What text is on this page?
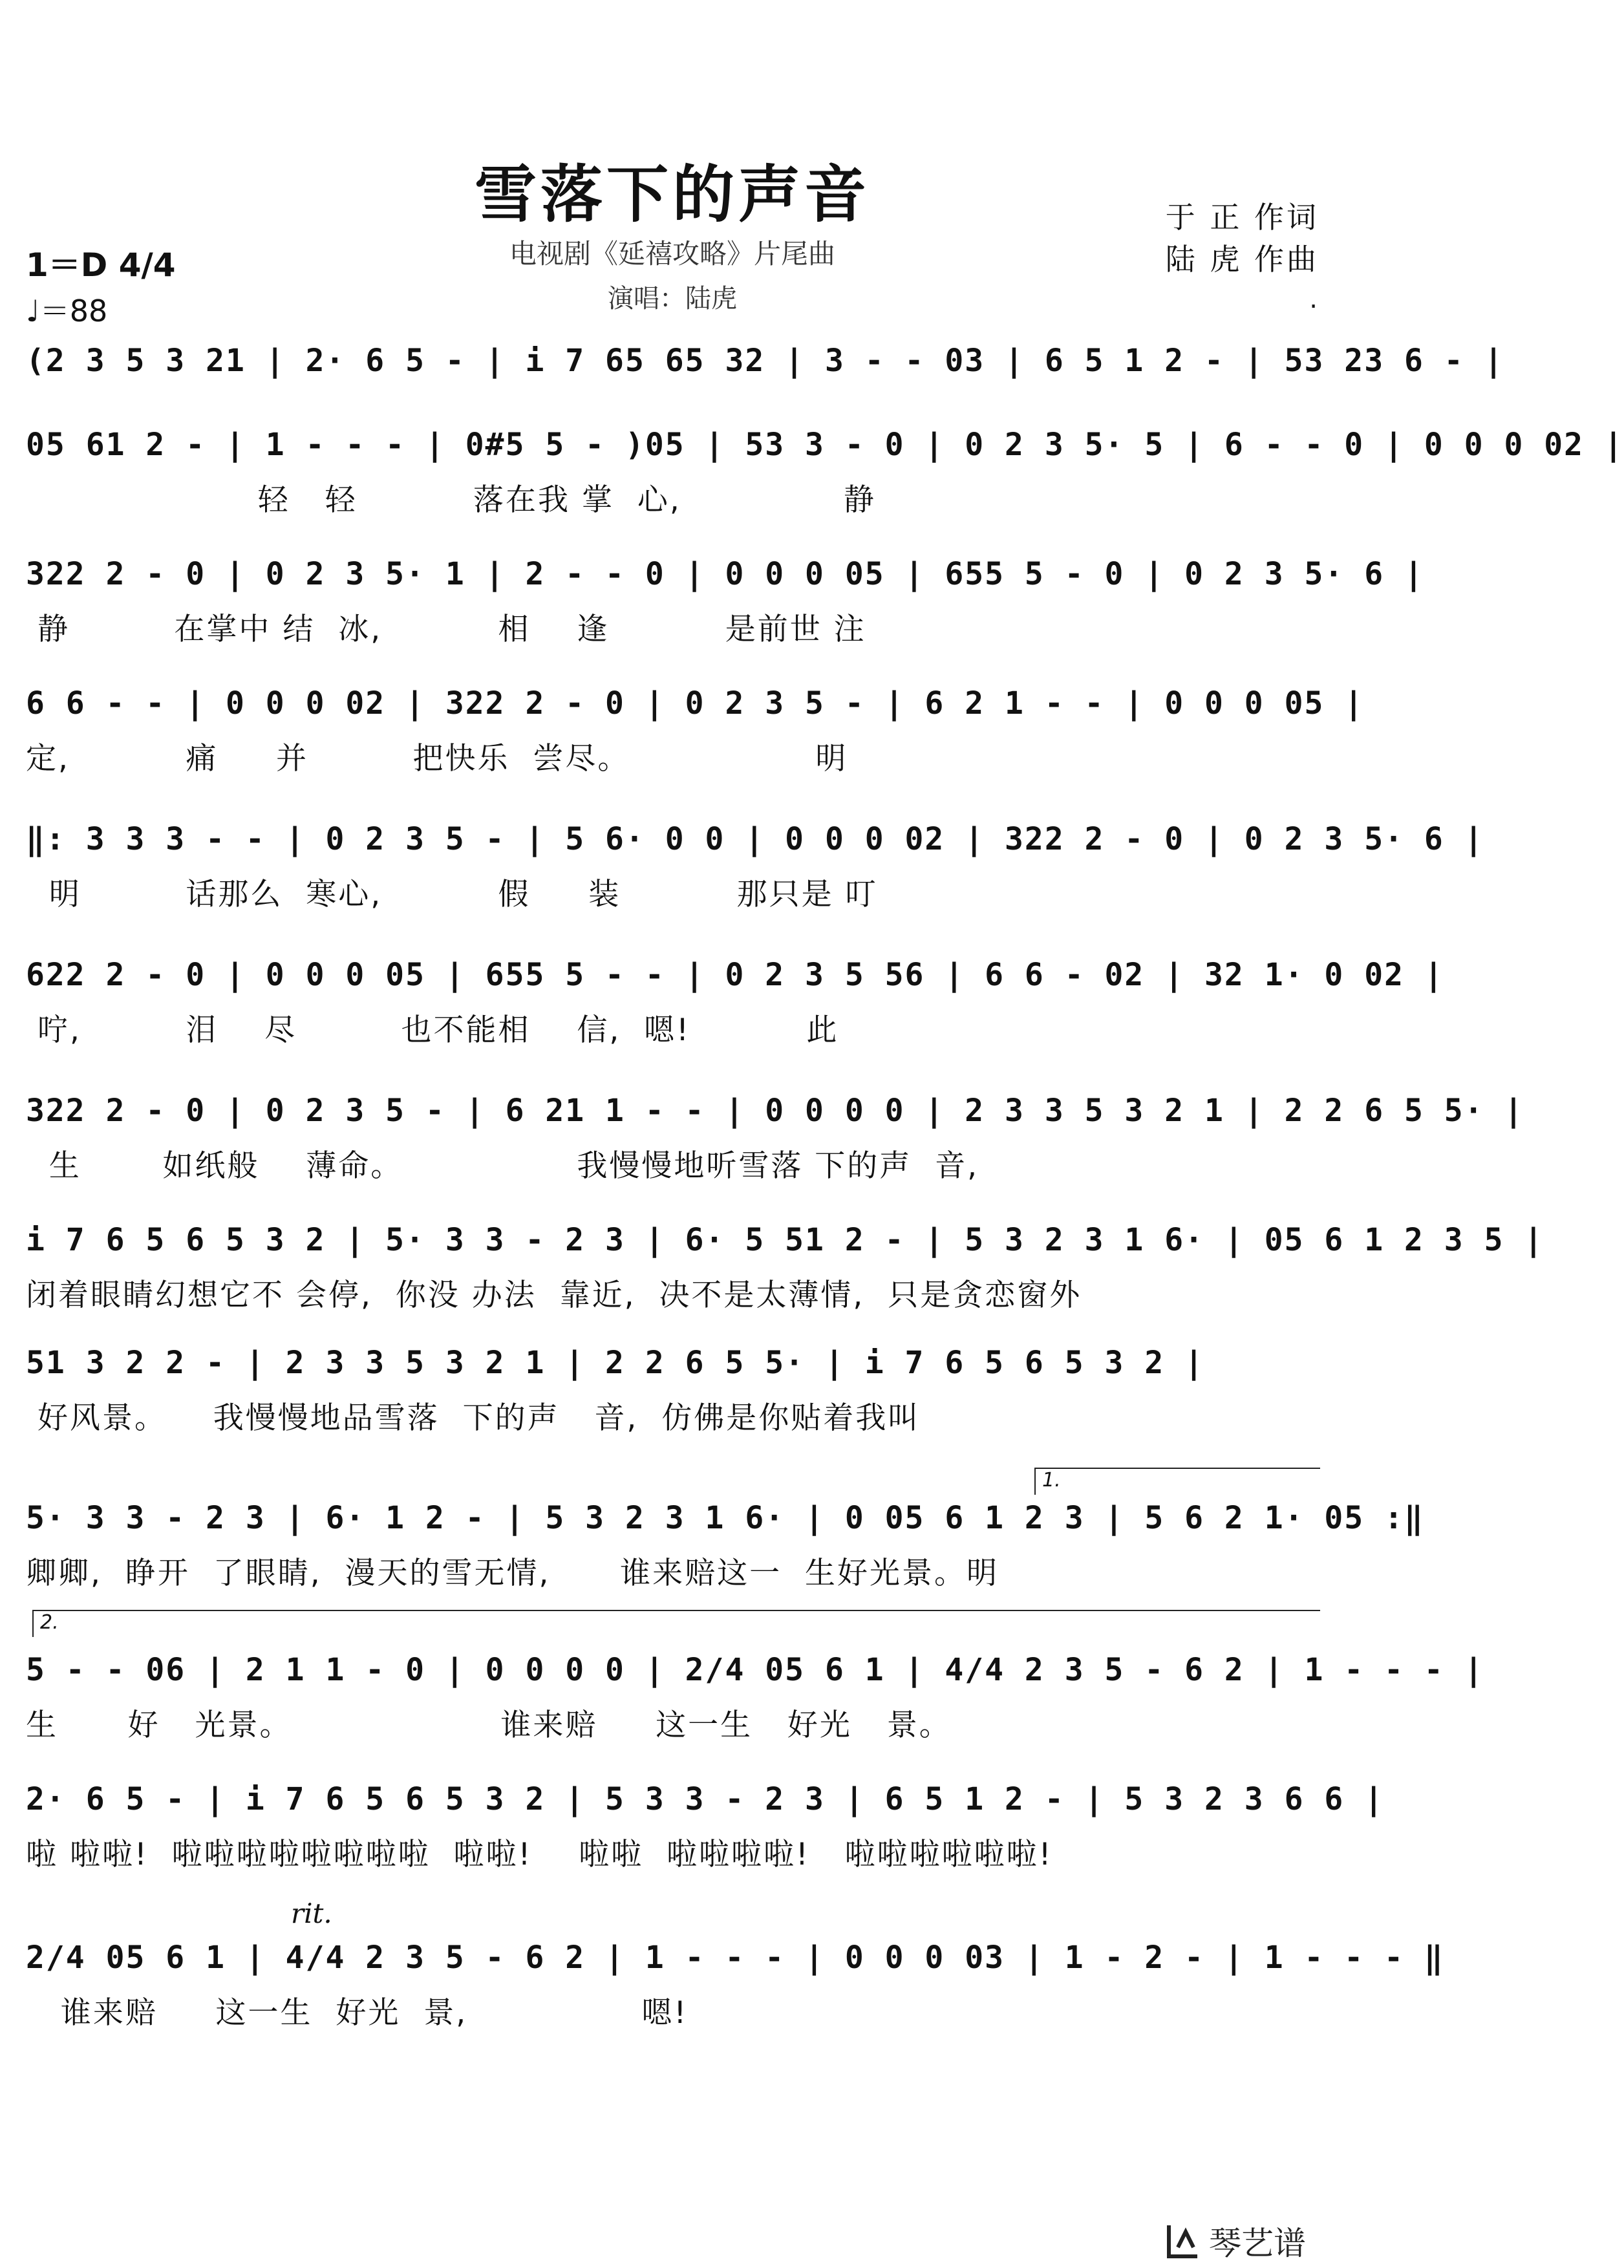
雪落下的声音
电视剧《延禧攻略》片尾曲
演唱：陆虎
于 正 作词
陆 虎 作曲
1＝D 4/4
♩＝88	.
(2 3 5 3 21 | 2· 6 5 - | i 7 65 65 32 | 3 - - 03 | 6 5 1 2 - | 53 23 6 - |
05 61 2 - | 1 - - - | 0#5 5 - )05 | 53 3 - 0 | 0 2 3 5· 5 | 6 - - 0 | 0 0 0 02 |
轻   轻          落在我 掌  心,              静
322 2 - 0 | 0 2 3 5· 1 | 2 - - 0 | 0 0 0 05 | 655 5 - 0 | 0 2 3 5· 6 |
静         在掌中 结  冰,          相    逢          是前世 注
6 6 - - | 0 0 0 02 | 322 2 - 0 | 0 2 3 5 - | 6 2 1 - - | 0 0 0 05 |
定,          痛     并         把快乐  尝尽。                明
‖: 3 3 3 - - | 0 2 3 5 - | 5 6· 0 0 | 0 0 0 02 | 322 2 - 0 | 0 2 3 5· 6 |
明         话那么  寒心,          假     装          那只是 叮
622 2 - 0 | 0 0 0 05 | 655 5 - - | 0 2 3 5 56 | 6 6 - 02 | 32 1· 0 02 |
咛,         泪    尽         也不能相    信,  嗯!          此
322 2 - 0 | 0 2 3 5 - | 6 21 1 - - | 0 0 0 0 | 2 3 3 5 3 2 1 | 2 2 6 5 5· |
生       如纸般    薄命。               我慢慢地听雪落 下的声  音,
i 7 6 5 6 5 3 2 | 5· 3 3 - 2 3 | 6· 5 51 2 - | 5 3 2 3 1 6· | 05 6 1 2 3 5 |
闭着眼睛幻想它不 会停,  你没 办法  靠近,  决不是太薄情,  只是贪恋窗外
51 3 2 2 - | 2 3 3 5 3 2 1 | 2 2 6 5 5· | i 7 6 5 6 5 3 2 |
好风景。    我慢慢地品雪落  下的声   音,  仿佛是你贴着我叫
1.
5· 3 3 - 2 3 | 6· 1 2 - | 5 3 2 3 1 6· | 0 05 6 1 2 3 | 5 6 2 1· 05 :‖
卿卿,  睁开  了眼睛,  漫天的雪无情,      谁来赔这一  生好光景。明
2.
5 - - 06 | 2 1 1 - 0 | 0 0 0 0 | 2/4 05 6 1 | 4/4 2 3 5 - 6 2 | 1 - - - |
生      好   光景。                  谁来赔     这一生   好光   景。
2· 6 5 - | i 7 6 5 6 5 3 2 | 5 3 3 - 2 3 | 6 5 1 2 - | 5 3 2 3 6 6 |
啦 啦啦!  啦啦啦啦啦啦啦啦  啦啦!    啦啦  啦啦啦啦!   啦啦啦啦啦啦!
rit.
2/4 05 6 1 | 4/4 2 3 5 - 6 2 | 1 - - - | 0 0 0 03 | 1 - 2 - | 1 - - - ‖
谁来赔     这一生  好光  景,               嗯!
琴艺谱
